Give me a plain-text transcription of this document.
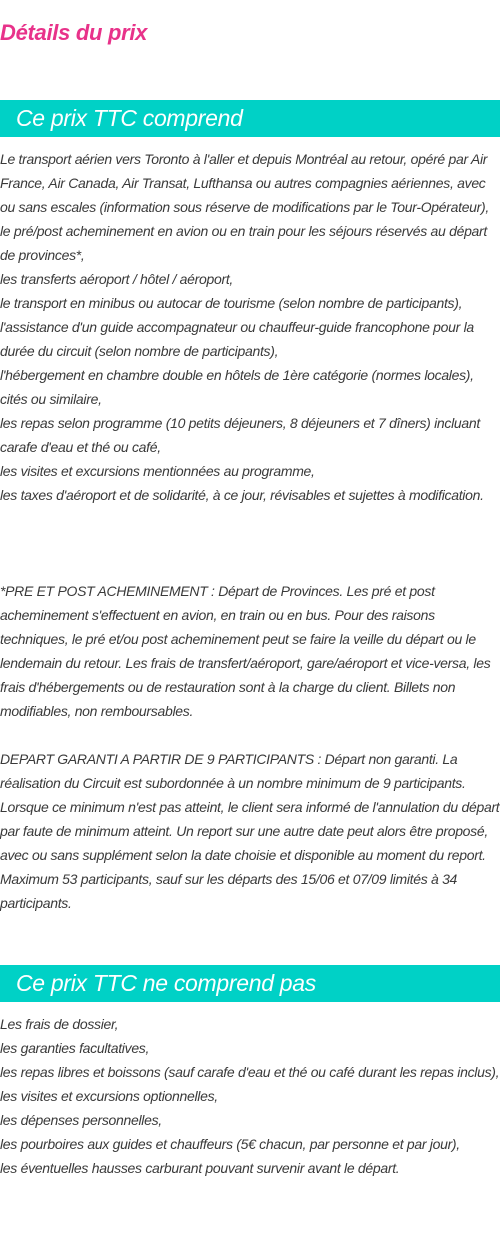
Détails du prix
Ce prix TTC comprend
Le transport aérien vers Toronto à l'aller et depuis Montréal au retour, opéré par Air France, Air Canada, Air Transat, Lufthansa ou autres compagnies aériennes, avec ou sans escales (information sous réserve de modifications par le Tour-Opérateur),
le pré/post acheminement en avion ou en train pour les séjours réservés au départ de provinces*,
les transferts aéroport / hôtel / aéroport,
le transport en minibus ou autocar de tourisme (selon nombre de participants),
l'assistance d'un guide accompagnateur ou chauffeur-guide francophone pour la durée du circuit (selon nombre de participants),
l'hébergement en chambre double en hôtels de 1ère catégorie (normes locales), cités ou similaire,
les repas selon programme (10 petits déjeuners, 8 déjeuners et 7 dîners) incluant carafe d'eau et thé ou café,
les visites et excursions mentionnées au programme,
les taxes d'aéroport et de solidarité, à ce jour, révisables et sujettes à modification.

*PRE ET POST ACHEMINEMENT : Départ de Provinces. Les pré et post acheminement s'effectuent en avion, en train ou en bus. Pour des raisons techniques, le pré et/ou post acheminement peut se faire la veille du départ ou le lendemain du retour. Les frais de transfert/aéroport, gare/aéroport et vice-versa, les frais d'hébergements ou de restauration sont à la charge du client. Billets non modifiables, non remboursables.

DEPART GARANTI A PARTIR DE 9 PARTICIPANTS : Départ non garanti. La réalisation du Circuit est subordonnée à un nombre minimum de 9 participants. Lorsque ce minimum n'est pas atteint, le client sera informé de l'annulation du départ par faute de minimum atteint. Un report sur une autre date peut alors être proposé, avec ou sans supplément selon la date choisie et disponible au moment du report. Maximum 53 participants, sauf sur les départs des 15/06 et 07/09 limités à 34 participants.

Ce prix TTC ne comprend pas
Les frais de dossier,
les garanties facultatives,
les repas libres et boissons (sauf carafe d'eau et thé ou café durant les repas inclus),
les visites et excursions optionnelles,
les dépenses personnelles,
les pourboires aux guides et chauffeurs (5€ chacun, par personne et par jour),
les éventuelles hausses carburant pouvant survenir avant le départ.
